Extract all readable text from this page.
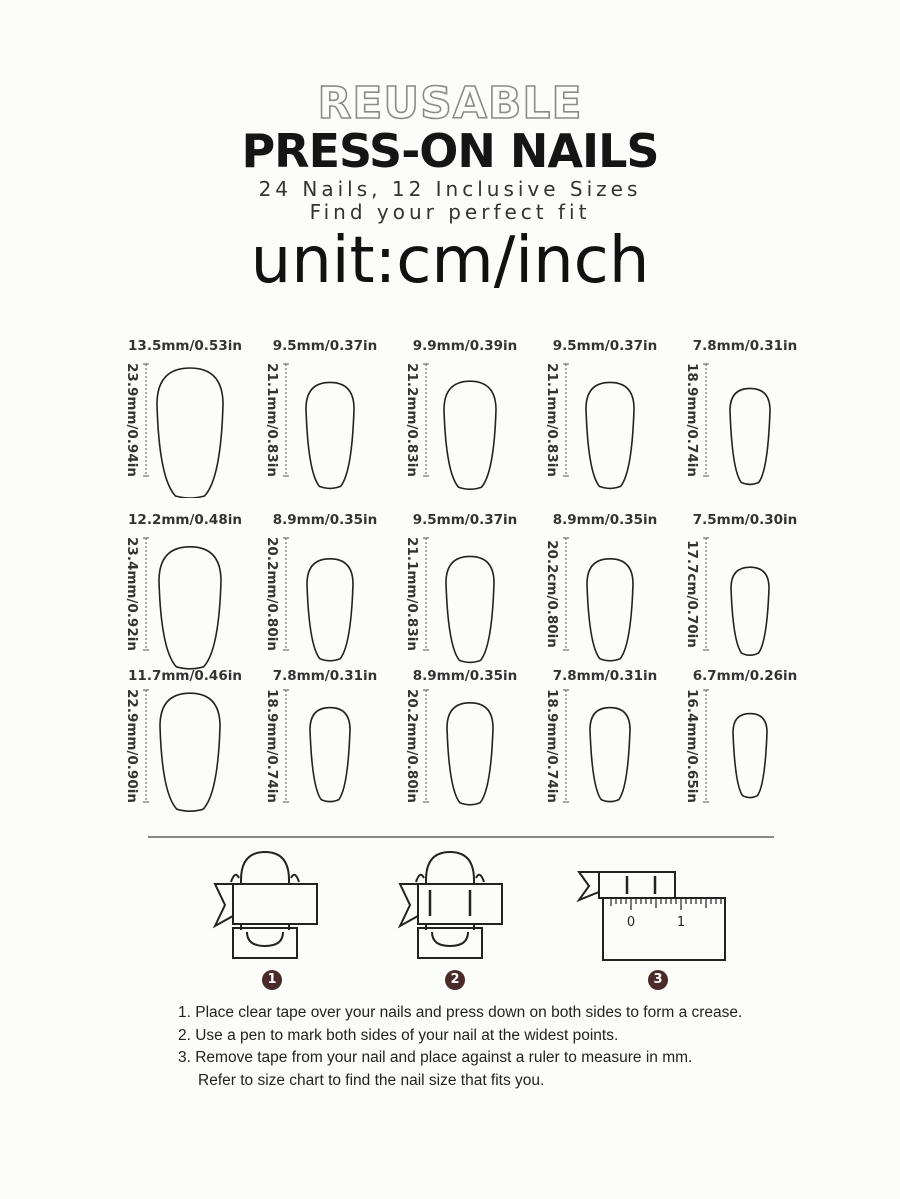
REUSABLE
PRESS-ON NAILS
24 Nails, 12 Inclusive Sizes
Find your perfect fit
unit:cm/inch
13.5mm/0.53in
23.9mm/0.94in
9.5mm/0.37in
21.1mm/0.83in
9.9mm/0.39in
21.2mm/0.83in
9.5mm/0.37in
21.1mm/0.83in
7.8mm/0.31in
18.9mm/0.74in
12.2mm/0.48in
23.4mm/0.92in
8.9mm/0.35in
20.2mm/0.80in
9.5mm/0.37in
21.1mm/0.83in
8.9mm/0.35in
20.2cm/0.80in
7.5mm/0.30in
17.7cm/0.70in
11.7mm/0.46in
22.9mm/0.90in
7.8mm/0.31in
18.9mm/0.74in
8.9mm/0.35in
20.2mm/0.80in
7.8mm/0.31in
18.9mm/0.74in
6.7mm/0.26in
16.4mm/0.65in
1	2
0	1
3
1. Place clear tape over your nails and press down on both sides to form a crease.
2. Use a pen to mark both sides of your nail at the widest points.
3. Remove tape from your nail and place against a ruler to measure in mm.
Refer to size chart to find the nail size that fits you.
